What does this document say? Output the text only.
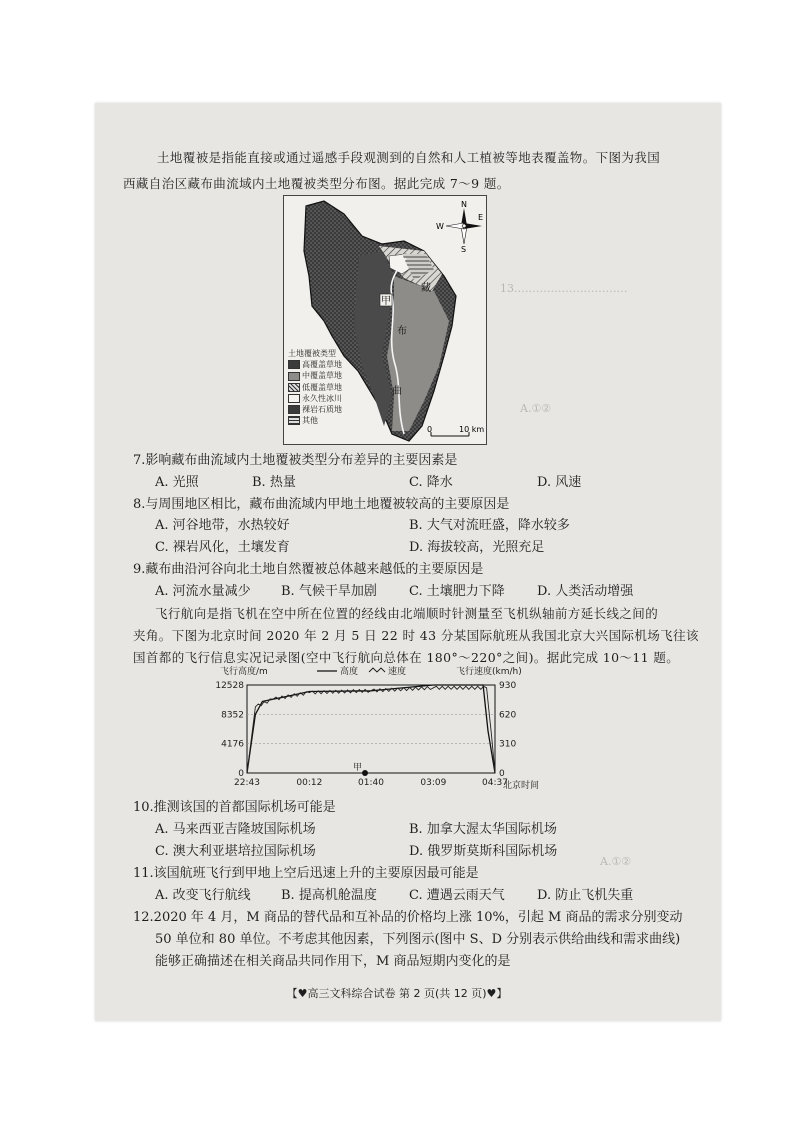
13.…………………………
A.①②
A.①②
土地覆被是指能直接或通过遥感手段观测到的自然和人工植被等地表覆盖物。下图为我国
西藏自治区藏布曲流域内土地覆被类型分布图。据此完成 7～9 题。
甲
藏
布
曲
N
S
W
E
0	10 km
土地覆被类型
高覆盖草地
中覆盖草地
低覆盖草地
永久性冰川
裸岩石质地
其他
7.影响藏布曲流域内土地覆被类型分布差异的主要因素是
A. 光照	B. 热量	C. 降水	D. 风速
8.与周围地区相比，藏布曲流域内甲地土地覆被较高的主要原因是
A. 河谷地带，水热较好	B. 大气对流旺盛，降水较多
C. 裸岩风化，土壤发育	D. 海拔较高，光照充足
9.藏布曲沿河谷向北土地自然覆被总体越来越低的主要原因是
A. 河流水量减少 B. 气候干旱加剧 C. 土壤肥力下降 D. 人类活动增强
飞行航向是指飞机在空中所在位置的经线由北端顺时针测量至飞机纵轴前方延长线之间的
夹角。下图为北京时间 2020 年 2 月 5 日 22 时 43 分某国际航班从我国北京大兴国际机场飞往该
国首都的飞行信息实况记录图(空中飞行航向总体在 180°～220°之间)。据此完成 10～11 题。
飞行高度/m	飞行速度(km/h)
高度	速度
12528
8352
4176
0
930
620
310
0
22:43	00:12	01:40	03:09	04:37
甲
北京时间
10.推测该国的首都国际机场可能是
A. 马来西亚吉隆坡国际机场	B. 加拿大渥太华国际机场
C. 澳大利亚堪培拉国际机场	D. 俄罗斯莫斯科国际机场
11.该国航班飞行到甲地上空后迅速上升的主要原因最可能是
A. 改变飞行航线 B. 提高机舱温度 C. 遭遇云雨天气 D. 防止飞机失重
12.2020 年 4 月，M 商品的替代品和互补品的价格均上涨 10%，引起 M 商品的需求分别变动
50 单位和 80 单位。不考虑其他因素，下列图示(图中 S、D 分别表示供给曲线和需求曲线)
能够正确描述在相关商品共同作用下，M 商品短期内变化的是
【♥高三文科综合试卷 第 2 页(共 12 页)♥】
